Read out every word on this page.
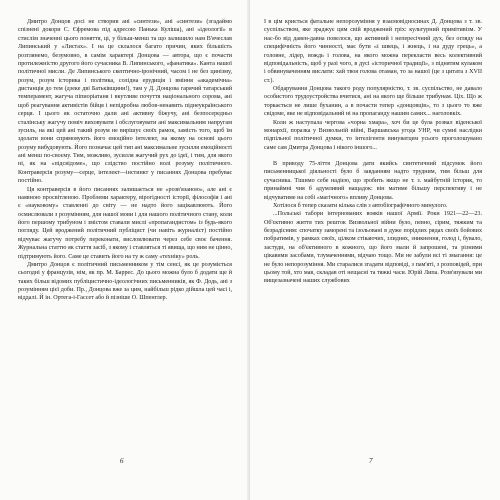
Дмитро Донцов досі не створив ані «синтези», ані «синтези» (згадаймо спізнені докори С. Єфремова під адресою Панька Куліша), ані «ідеології» в стислім значенні цього поняття, ці, у більш-менш та що залишило нам В'ячеслав Липинський у «Листах». І на це склалося багато причин, яких більшість розглянемо, безумовно, в самім характері Донцова — автора, що є почасти протилежністю другого його сучасника В. Липинського, «фанатика». Канта нашої політичної мисли. Де Липинського скептично-іронічний, часом і не без цинізму, розум, розум історика і політика, солідна ерудиція і вміння «академічна» дистанція до тем (дзеке дві Батьківщини!), там у Д. Донцова гарячий татарський темперамент, жагуча піпиоріатаня і вкутливе почуття національного сорома, ані щоб реагування активістів бійця і непідробна любов-ненавить піднеукраїнського серця. І цього як остаточно дали ані активну біжучу, ані безпосередньо сталінську жагучу поміч виховувати і обслуговувати ані максимальним напругам зусиль, на які цей ані такий розум не вирішує своїх рамок, замість того, щоб їм здолати вони спрямовують його емоційно інтелект, на якому на основі цього розуму вибудовують. Його позначає цей тип ані максимальне зусилля емоційності ані менш по-своєму. Тим, можливо, зусилля жагучий рух до ідеї, і тим, для якого ні, як на «підсвідоме», що слідство постійно волі розуму політичного. Контраверсія розуму—серце, інтелект—інстинкт у писаннях Донцова пребуває постійно.

Ця контраверсія в його писаннях залишається не «розв'язаною», але ані є наявною просвітленою. Проблеми характеру, вірогідності історії, філософія і ані є «науковому» ставленні до світу — не надто його зацікавлюють. Його осмислювали з розумінням, для нашої мови і для нашого політичного стану, коли його першому трибуном і змістом ставали мислі «пропагандистом» із будь-якого погляду. Цей вроджений політичний публіцист (чи навіть журналіст) постійно відчуває жагучу потребу переконати, висловлювати через себе своє бачення. Журнальна статтю як стаття засіб, з якому і ставляться ті явища, що ним не цінно, підтримують його. Саме це ставить його на ту ж саму «техніку» роль.

Дмитро Донцов є політичний письменником у тім сенсі, як це розуміється сьогодні у французів, нім, як пр. М. Баррес. До цього можна було б додати ще й таких більш відомих публіцистично-ідеологічних письменників, як Ф. Додь, ані з розумінням цієї доби. Пр., Донцова вже за цим, найбільш рідко дійшла цей часі і, віддалі. Й ін. Ортега-і-Гассет або й пізніше О. Шпенглер.

6

І в цім криється фатальне непорозуміння у взаємовідносинах Д. Донцова з т. зв. суспільством, яке зраджує цим свій вроджений гріх: культурний примітивізм. У нас-бо від давен-давна повелося, що активний і непересічний дух, без огляду на специфічність його чинності, має бути «і швець, і жнець, і на дуду грець», а головне, лідер, вождь і голова, на якого можна перекласти весь колективний відповідальність, щоб у разі чого, в дусі «історичної традиції», з піднятим кулаком і обвинуваченням вислати: хай твоя голова отаман, то за нашої (це з цитата з XVII ст.).

Обдарування Донцова такого роду популярністю, т. зв. суспільство, не давало особистого трудоустройства вчитися, ані на якого ще більше трибунам. Ціх. Що ж торкається не лише буханин, а в почасти тепер «донцовців», то з цього то вже свідоме, яке не відповідальний ні на пропаганду нашим самих... наголовкіх.

Коли ж наступала чергова «чорна хмара», хоч би це була розвал віденської монархії, поразка у Визвольній війні, Варшавська угода УНР, чи сумні наслідки підпільної політичної думки, то інтелігенти винуватцем усього проголошувано саме сам Дмитра Донцова і нікого іншого...

В приводу 75-ліття Донцова дати якийсь синтетичний підсумок його письменницької діяльності було б завданням надто трудним, тим більш для сучасника. Тішимо себе надією, що зробить якщо не т. з. майбутній історик, то принаймні чия б адумливий нащадок: він матиме більшу перспективу і не відчуватиме на собі «магічного» впливу Донцова.

Хотілося б тепер сказати кілька слів з автобіографічного минулого.

...Польські табори інтернованих вояків нашої Армії. Роки 1921—22—23. Об'єктивно життя тих решток Визвольної війни було, певно, сірим, тяжким та безрадісним: спочатку заморені та ізольовані в дуже порідлих рядах своїх бойових побратимів, у рамках своїх, цілком стікаючих, злиднях, зникнення, голод і, бувало, застуди, на об'єктивного в кожного, що його мали й запрошені, та різними цікавими засобами, тлумаченнями, відчаю тощо. Ми не забули всі ті змагання: це не було непорозуміння. Ми старалися згадати відповіді, з пам'яті, з розповідей, при цьому той, хто мав, складав оті нещасні та тяжкі часи. Юрій Липа. Розв'язували ми вищезазначені наших службових

7
